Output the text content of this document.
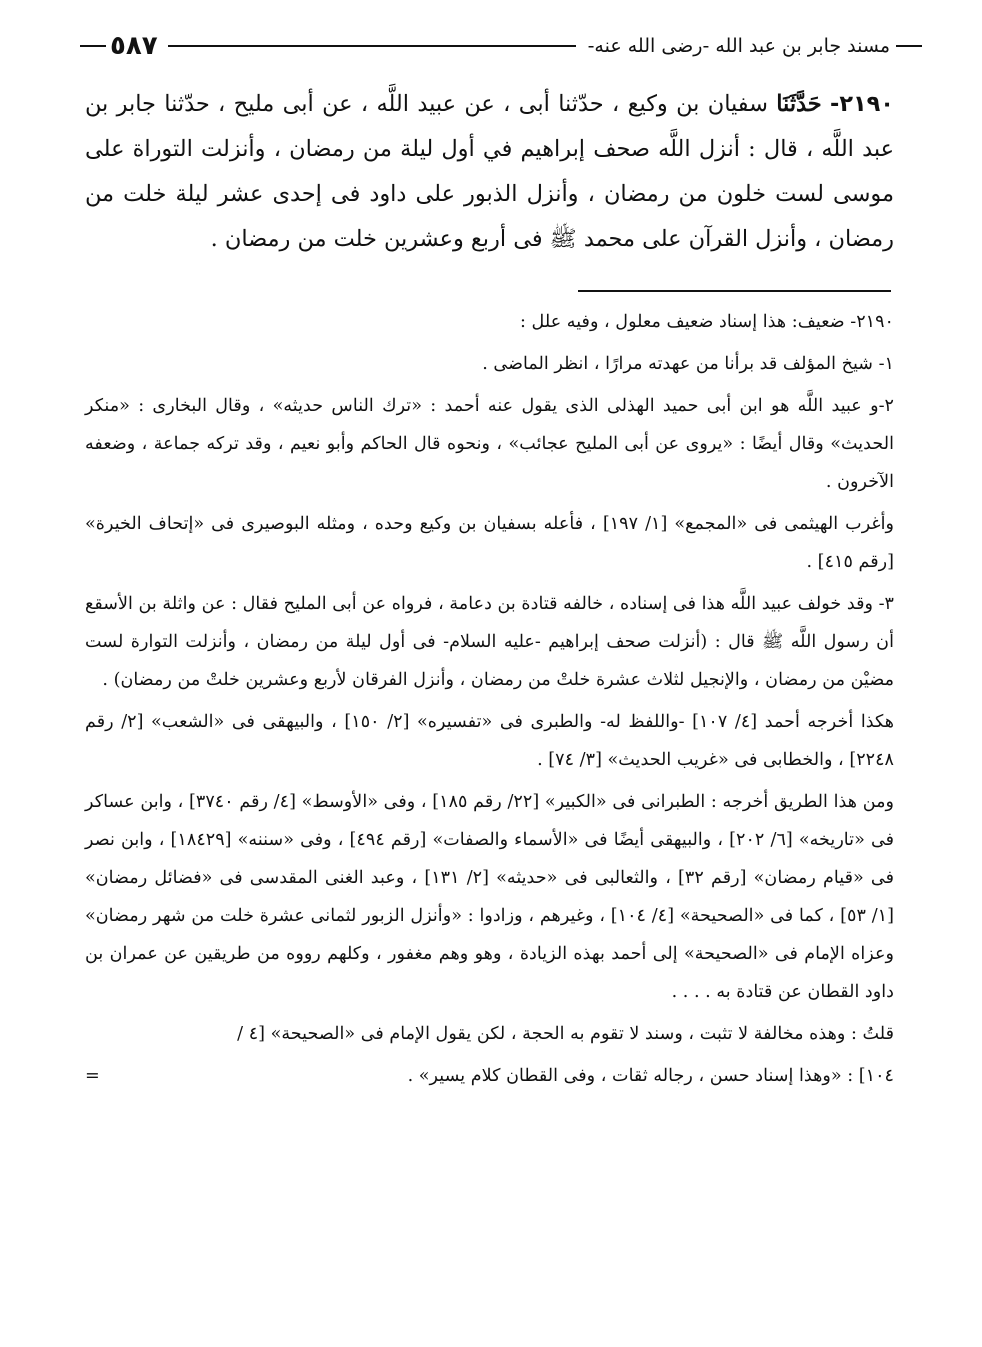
مسند جابر بن عبد الله -رضى الله عنه-
٥٨٧
٢١٩٠- حَدَّثَنَا سفيان بن وكيع ، حدّثنا أبى ، عن عبيد اللَّه ، عن أبى مليح ، حدّثنا جابر بن عبد اللَّه ، قال : أنزل اللَّه صحف إبراهيم في أول ليلة من رمضان ، وأنزلت التوراة على موسى لست خلون من رمضان ، وأنزل الذبور على داود فى إحدى عشر ليلة خلت من رمضان ، وأنزل القرآن على محمد ﷺ فى أربع وعشرين خلت من رمضان .

٢١٩٠- ضعيف: هذا إسناد ضعيف معلول ، وفيه علل :

١- شيخ المؤلف قد برأنا من عهدته مرارًا ، انظر الماضى .

٢-و عبيد اللَّه هو ابن أبى حميد الهذلى الذى يقول عنه أحمد : «ترك الناس حديثه» ، وقال البخارى : «منكر الحديث» وقال أيضًا : «يروى عن أبى المليح عجائب» ، ونحوه قال الحاكم وأبو نعيم ، وقد تركه جماعة ، وضعفه الآخرون .

وأغرب الهيثمى فى «المجمع» [١/ ١٩٧] ، فأعله بسفيان بن وكيع وحده ، ومثله البوصيرى فى «إتحاف الخيرة» [رقم ٤١٥] .

٣- وقد خولف عبيد اللَّه هذا فى إسناده ، خالفه قتادة بن دعامة ، فرواه عن أبى المليح فقال : عن واثلة بن الأسقع أن رسول اللَّه ﷺ قال : (أنزلت صحف إبراهيم -عليه السلام- فى أول ليلة من رمضان ، وأنزلت التوارة لست مضيْن من رمضان ، والإنجيل لثلاث عشرة خلتْ من رمضان ، وأنزل الفرقان لأربع وعشرين خلتْ من رمضان) .

هكذا أخرجه أحمد [٤/ ١٠٧] -واللفظ له- والطبرى فى «تفسيره» [٢/ ١٥٠] ، والبيهقى فى «الشعب» [٢/ رقم ٢٢٤٨] ، والخطابى فى «غريب الحديث» [٣/ ٧٤] .

ومن هذا الطريق أخرجه : الطبرانى فى «الكبير» [٢٢/ رقم ١٨٥] ، وفى «الأوسط» [٤/ رقم ٣٧٤٠] ، وابن عساكر فى «تاريخه» [٦/ ٢٠٢] ، والبيهقى أيضًا فى «الأسماء والصفات» [رقم ٤٩٤] ، وفى «سننه» [١٨٤٢٩] ، وابن نصر فى «قيام رمضان» [رقم ٣٢] ، والثعالبى فى «حديثه» [٢/ ١٣١] ، وعبد الغنى المقدسى فى «فضائل رمضان» [١/ ٥٣] ، كما فى «الصحيحة» [٤/ ١٠٤] ، وغيرهم ، وزادوا : «وأنزل الزبور لثمانى عشرة خلت من شهر رمضان» وعزاه الإمام فى «الصحيحة» إلى أحمد بهذه الزيادة ، وهو وهم مغفور ، وكلهم رووه من طريقين عن عمران بن داود القطان عن قتادة به . . . .

قلتُ : وهذه مخالفة لا تثبت ، وسند لا تقوم به الحجة ، لكن يقول الإمام فى «الصحيحة» [٤ /

١٠٤] : «وهذا إسناد حسن ، رجاله ثقات ، وفى القطان كلام يسير» .
=
